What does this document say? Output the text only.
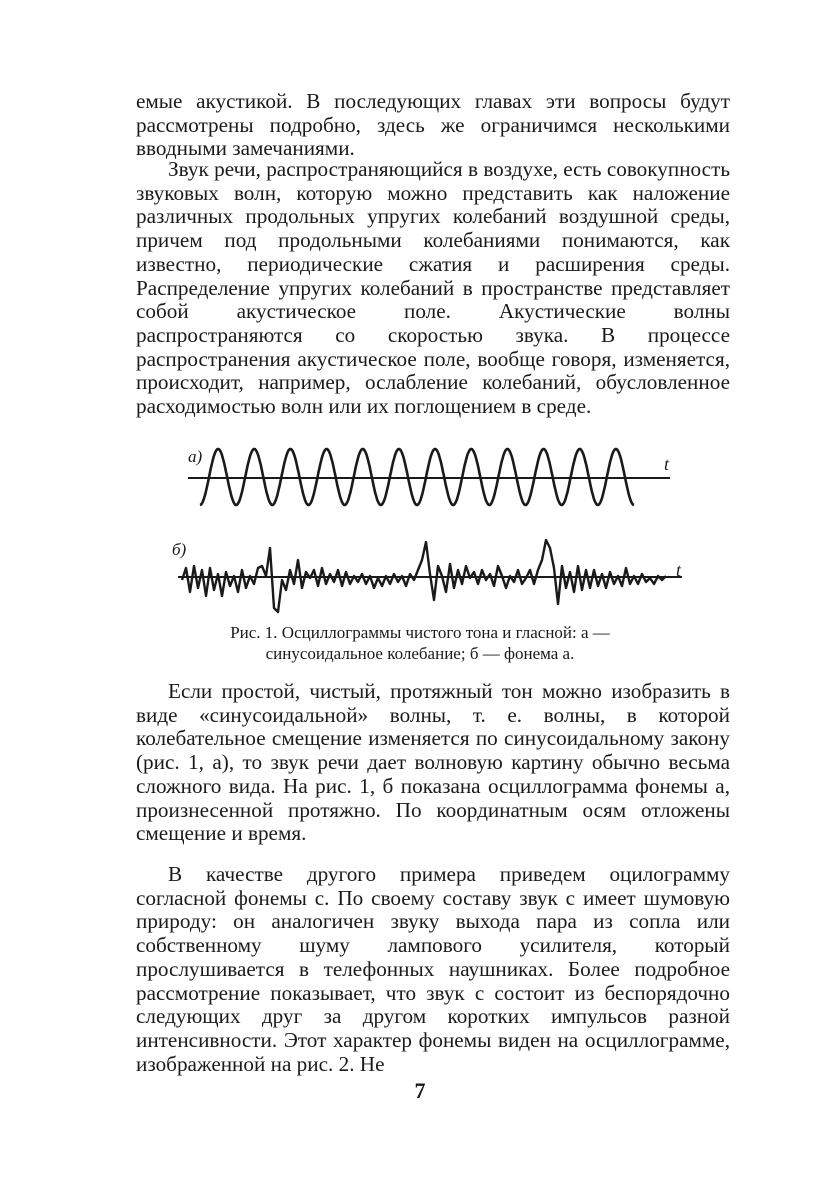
емые акустикой. В последующих главах эти вопросы будут рассмотрены подробно, здесь же ограничимся несколькими вводными замечаниями.

Звук речи, распространяющийся в воздухе, есть совокупность звуковых волн, которую можно представить как наложение различных продольных упругих колебаний воздушной среды, причем под продольными колебаниями понимаются, как известно, периодические сжатия и расширения среды. Распределение упругих колебаний в пространстве представляет собой акустическое поле. Акустические волны распространяются со скоростью звука. В процессе распространения акустическое поле, вообще говоря, изменяется, происходит, например, ослабление колебаний, обусловленное расходимостью волн или их поглощением в среде.

а)
б)
t
t

Рис. 1. Осциллограммы чистого тона и гласной: а — синусоидальное колебание; б — фонема а.

Если простой, чистый, протяжный тон можно изобразить в виде «синусоидальной» волны, т. е. волны, в которой колебательное смещение изменяется по синусоидальному закону (рис. 1, а), то звук речи дает волновую картину обычно весьма сложного вида. На рис. 1, б показана осциллограмма фонемы а, произнесенной протяжно. По координатным осям отложены смещение и время.

В качестве другого примера приведем оцилограмму согласной фонемы с. По своему составу звук с имеет шумовую природу: он аналогичен звуку выхода пара из сопла или собственному шуму лампового усилителя, который прослушивается в телефонных наушниках. Более подробное рассмотрение показывает, что звук с состоит из беспорядочно следующих друг за другом коротких импульсов разной интенсивности. Этот характер фонемы виден на осциллограмме, изображенной на рис. 2. Не

7
